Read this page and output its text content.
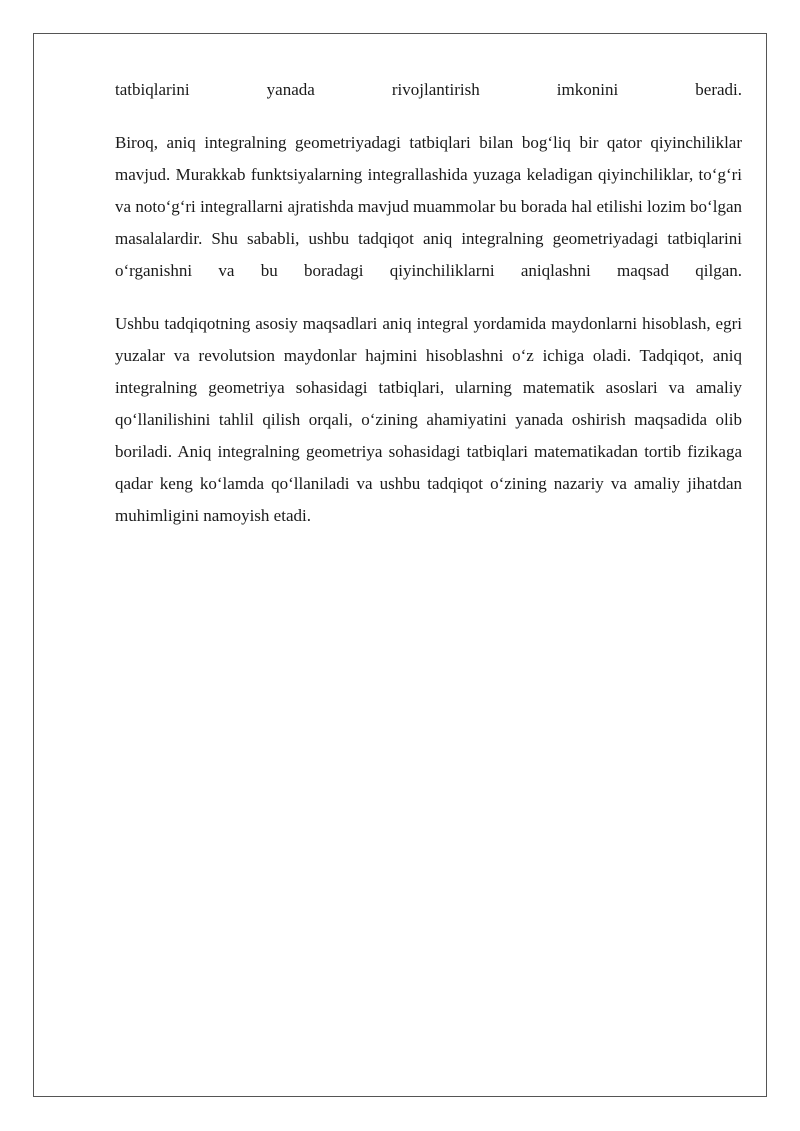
tatbiqlarini yanada rivojlantirish imkonini beradi.

Biroq, aniq integralning geometriyadagi tatbiqlari bilan bog‘liq bir qator qiyinchiliklar mavjud. Murakkab funktsiyalarning integrallashida yuzaga keladigan qiyinchiliklar, to‘g‘ri va noto‘g‘ri integrallarni ajratishda mavjud muammolar bu borada hal etilishi lozim bo‘lgan masalalardir. Shu sababli, ushbu tadqiqot aniq integralning geometriyadagi tatbiqlarini o‘rganishni va bu boradagi qiyinchiliklarni aniqlashni maqsad qilgan.

Ushbu tadqiqotning asosiy maqsadlari aniq integral yordamida maydonlarni hisoblash, egri yuzalar va revolutsion maydonlar hajmini hisoblashni o‘z ichiga oladi. Tadqiqot, aniq integralning geometriya sohasidagi tatbiqlari, ularning matematik asoslari va amaliy qo‘llanilishini tahlil qilish orqali, o‘zining ahamiyatini yanada oshirish maqsadida olib boriladi. Aniq integralning geometriya sohasidagi tatbiqlari matematikadan tortib fizikaga qadar keng ko‘lamda qo‘llaniladi va ushbu tadqiqot o‘zining nazariy va amaliy jihatdan muhimligini namoyish etadi.
